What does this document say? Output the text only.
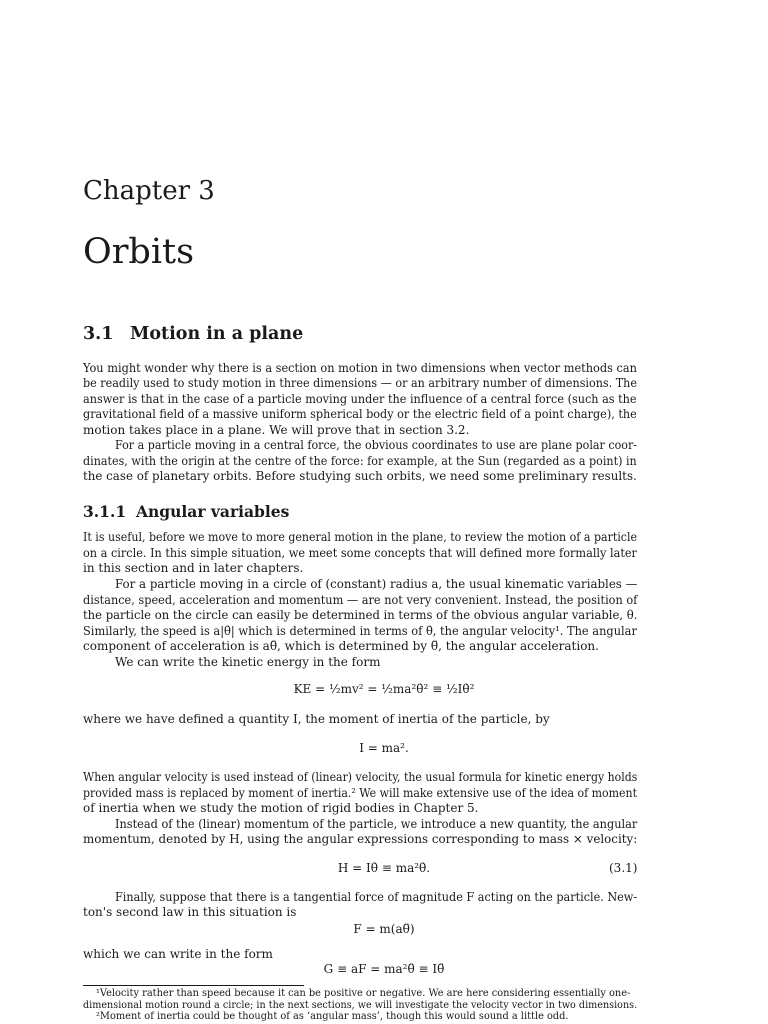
Chapter 3
Orbits
3.1 Motion in a plane
You might wonder why there is a section on motion in two dimensions when vector methods can
be readily used to study motion in three dimensions — or an arbitrary number of dimensions. The
answer is that in the case of a particle moving under the influence of a central force (such as the
gravitational field of a massive uniform spherical body or the electric field of a point charge), the
motion takes place in a plane. We will prove that in section 3.2.
For a particle moving in a central force, the obvious coordinates to use are plane polar coor-
dinates, with the origin at the centre of the force: for example, at the Sun (regarded as a point) in
the case of planetary orbits. Before studying such orbits, we need some preliminary results.
3.1.1 Angular variables
It is useful, before we move to more general motion in the plane, to review the motion of a particle
on a circle. In this simple situation, we meet some concepts that will defined more formally later
in this section and in later chapters.
For a particle moving in a circle of (constant) radius a, the usual kinematic variables —
distance, speed, acceleration and momentum — are not very convenient. Instead, the position of
the particle on the circle can easily be determined in terms of the obvious angular variable, θ.
Similarly, the speed is a|θ̇| which is determined in terms of θ̇, the angular velocity¹. The angular
component of acceleration is aθ̈, which is determined by θ̈, the angular acceleration.
We can write the kinetic energy in the form
KE = ½mv² = ½ma²θ̇² ≡ ½Iθ̇²
where we have defined a quantity I, the moment of inertia of the particle, by
I = ma².
When angular velocity is used instead of (linear) velocity, the usual formula for kinetic energy holds
provided mass is replaced by moment of inertia.² We will make extensive use of the idea of moment
of inertia when we study the motion of rigid bodies in Chapter 5.
Instead of the (linear) momentum of the particle, we introduce a new quantity, the angular
momentum, denoted by H, using the angular expressions corresponding to mass × velocity:
H = Iθ̇ ≡ ma²θ̇.	(3.1)
Finally, suppose that there is a tangential force of magnitude F acting on the particle. New-
ton's second law in this situation is
F = m(aθ̈)
which we can write in the form
G ≡ aF = ma²θ̈ ≡ Iθ̈
¹Velocity rather than speed because it can be positive or negative. We are here considering essentially one-
dimensional motion round a circle; in the next sections, we will investigate the velocity vector in two dimensions.
²Moment of inertia could be thought of as ‘angular mass’, though this would sound a little odd.
